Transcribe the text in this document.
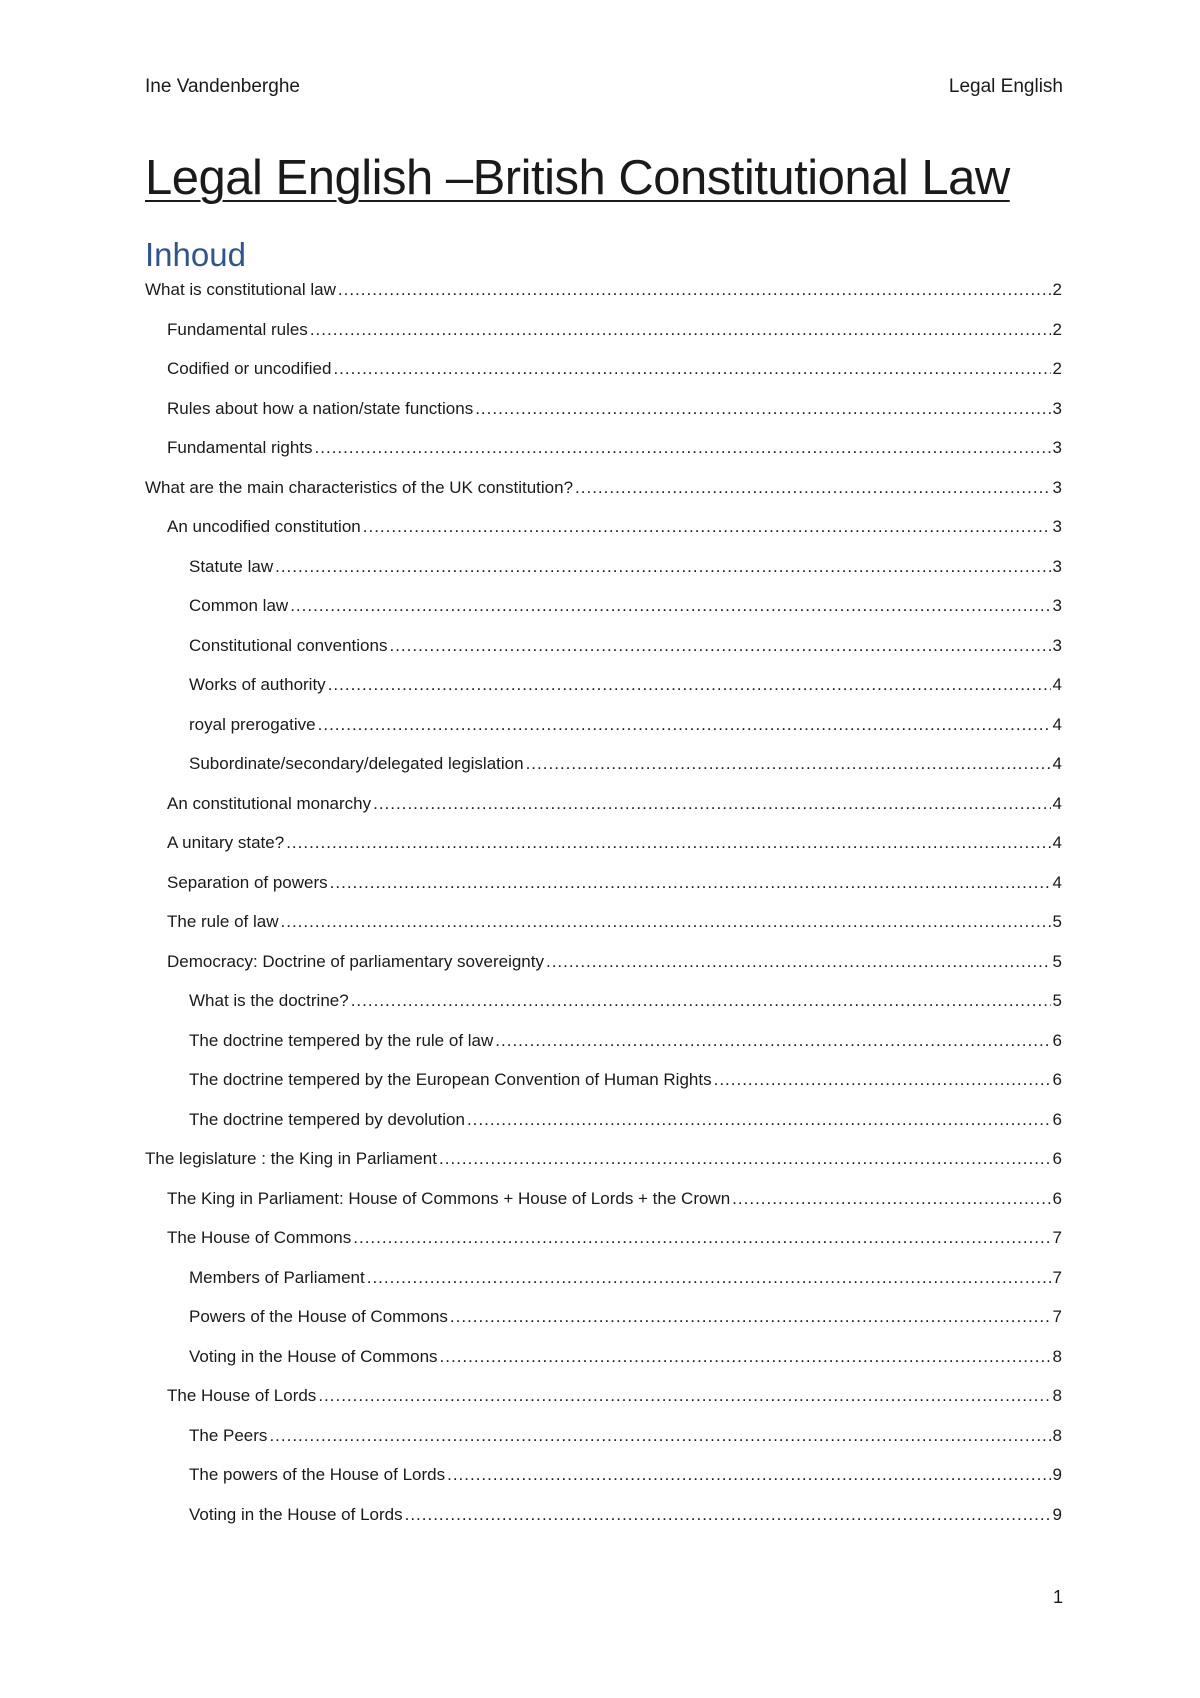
Ine Vandenberghe	Legal English
Legal English –British Constitutional Law
Inhoud
What is constitutional law .....	2
Fundamental rules .....	2
Codified or uncodified .....	2
Rules about how a nation/state functions .....	3
Fundamental rights .....	3
What are the main characteristics of the UK constitution? .....	3
An uncodified constitution .....	3
Statute law .....	3
Common law .....	3
Constitutional conventions .....	3
Works of authority .....	4
royal prerogative .....	4
Subordinate/secondary/delegated legislation .....	4
An constitutional monarchy .....	4
A unitary state? .....	4
Separation of powers .....	4
The rule of law .....	5
Democracy: Doctrine of parliamentary sovereignty .....	5
What is the doctrine? .....	5
The doctrine tempered by the rule of law .....	6
The doctrine tempered by the European Convention of Human Rights .....	6
The doctrine tempered by devolution .....	6
The legislature : the King in Parliament .....	6
The King in Parliament: House of Commons + House of Lords + the Crown .....	6
The House of Commons .....	7
Members of Parliament .....	7
Powers of the House of Commons .....	7
Voting in the House of Commons .....	8
The House of Lords .....	8
The Peers .....	8
The powers of the House of Lords .....	9
Voting in the House of Lords .....	9
1
